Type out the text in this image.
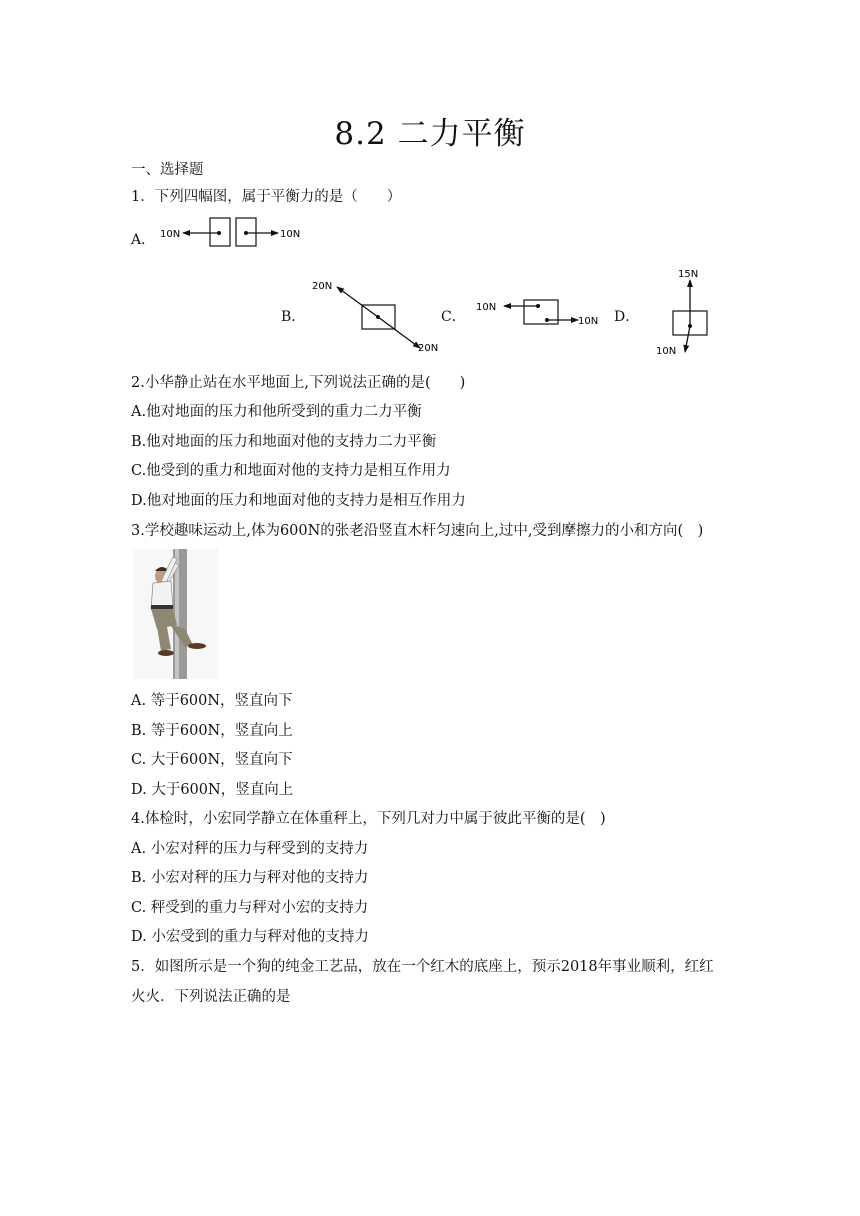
8.2 二力平衡
一、选择题
1．下列四幅图，属于平衡力的是（　　）
A． 10N	10N
B．
20N
20N
C．
10N
10N D．
15N
10N
2.小华静止站在水平地面上,下列说法正确的是(　　)
A.他对地面的压力和他所受到的重力二力平衡
B.他对地面的压力和地面对他的支持力二力平衡
C.他受到的重力和地面对他的支持力是相互作用力
D.他对地面的压力和地面对他的支持力是相互作用力
3.学校趣味运动上,体为600N的张老沿竖直木杆匀速向上,过中,受到摩擦力的小和方向(　)
A. 等于600N，竖直向下
B. 等于600N，竖直向上
C. 大于600N，竖直向下
D. 大于600N，竖直向上
4.体检时，小宏同学静立在体重秤上，下列几对力中属于彼此平衡的是(　)
A. 小宏对秤的压力与秤受到的支持力
B. 小宏对秤的压力与秤对他的支持力
C. 秤受到的重力与秤对小宏的支持力
D. 小宏受到的重力与秤对他的支持力
5．如图所示是一个狗的纯金工艺品，放在一个红木的底座上，预示2018年事业顺利，红红
火火．下列说法正确的是
